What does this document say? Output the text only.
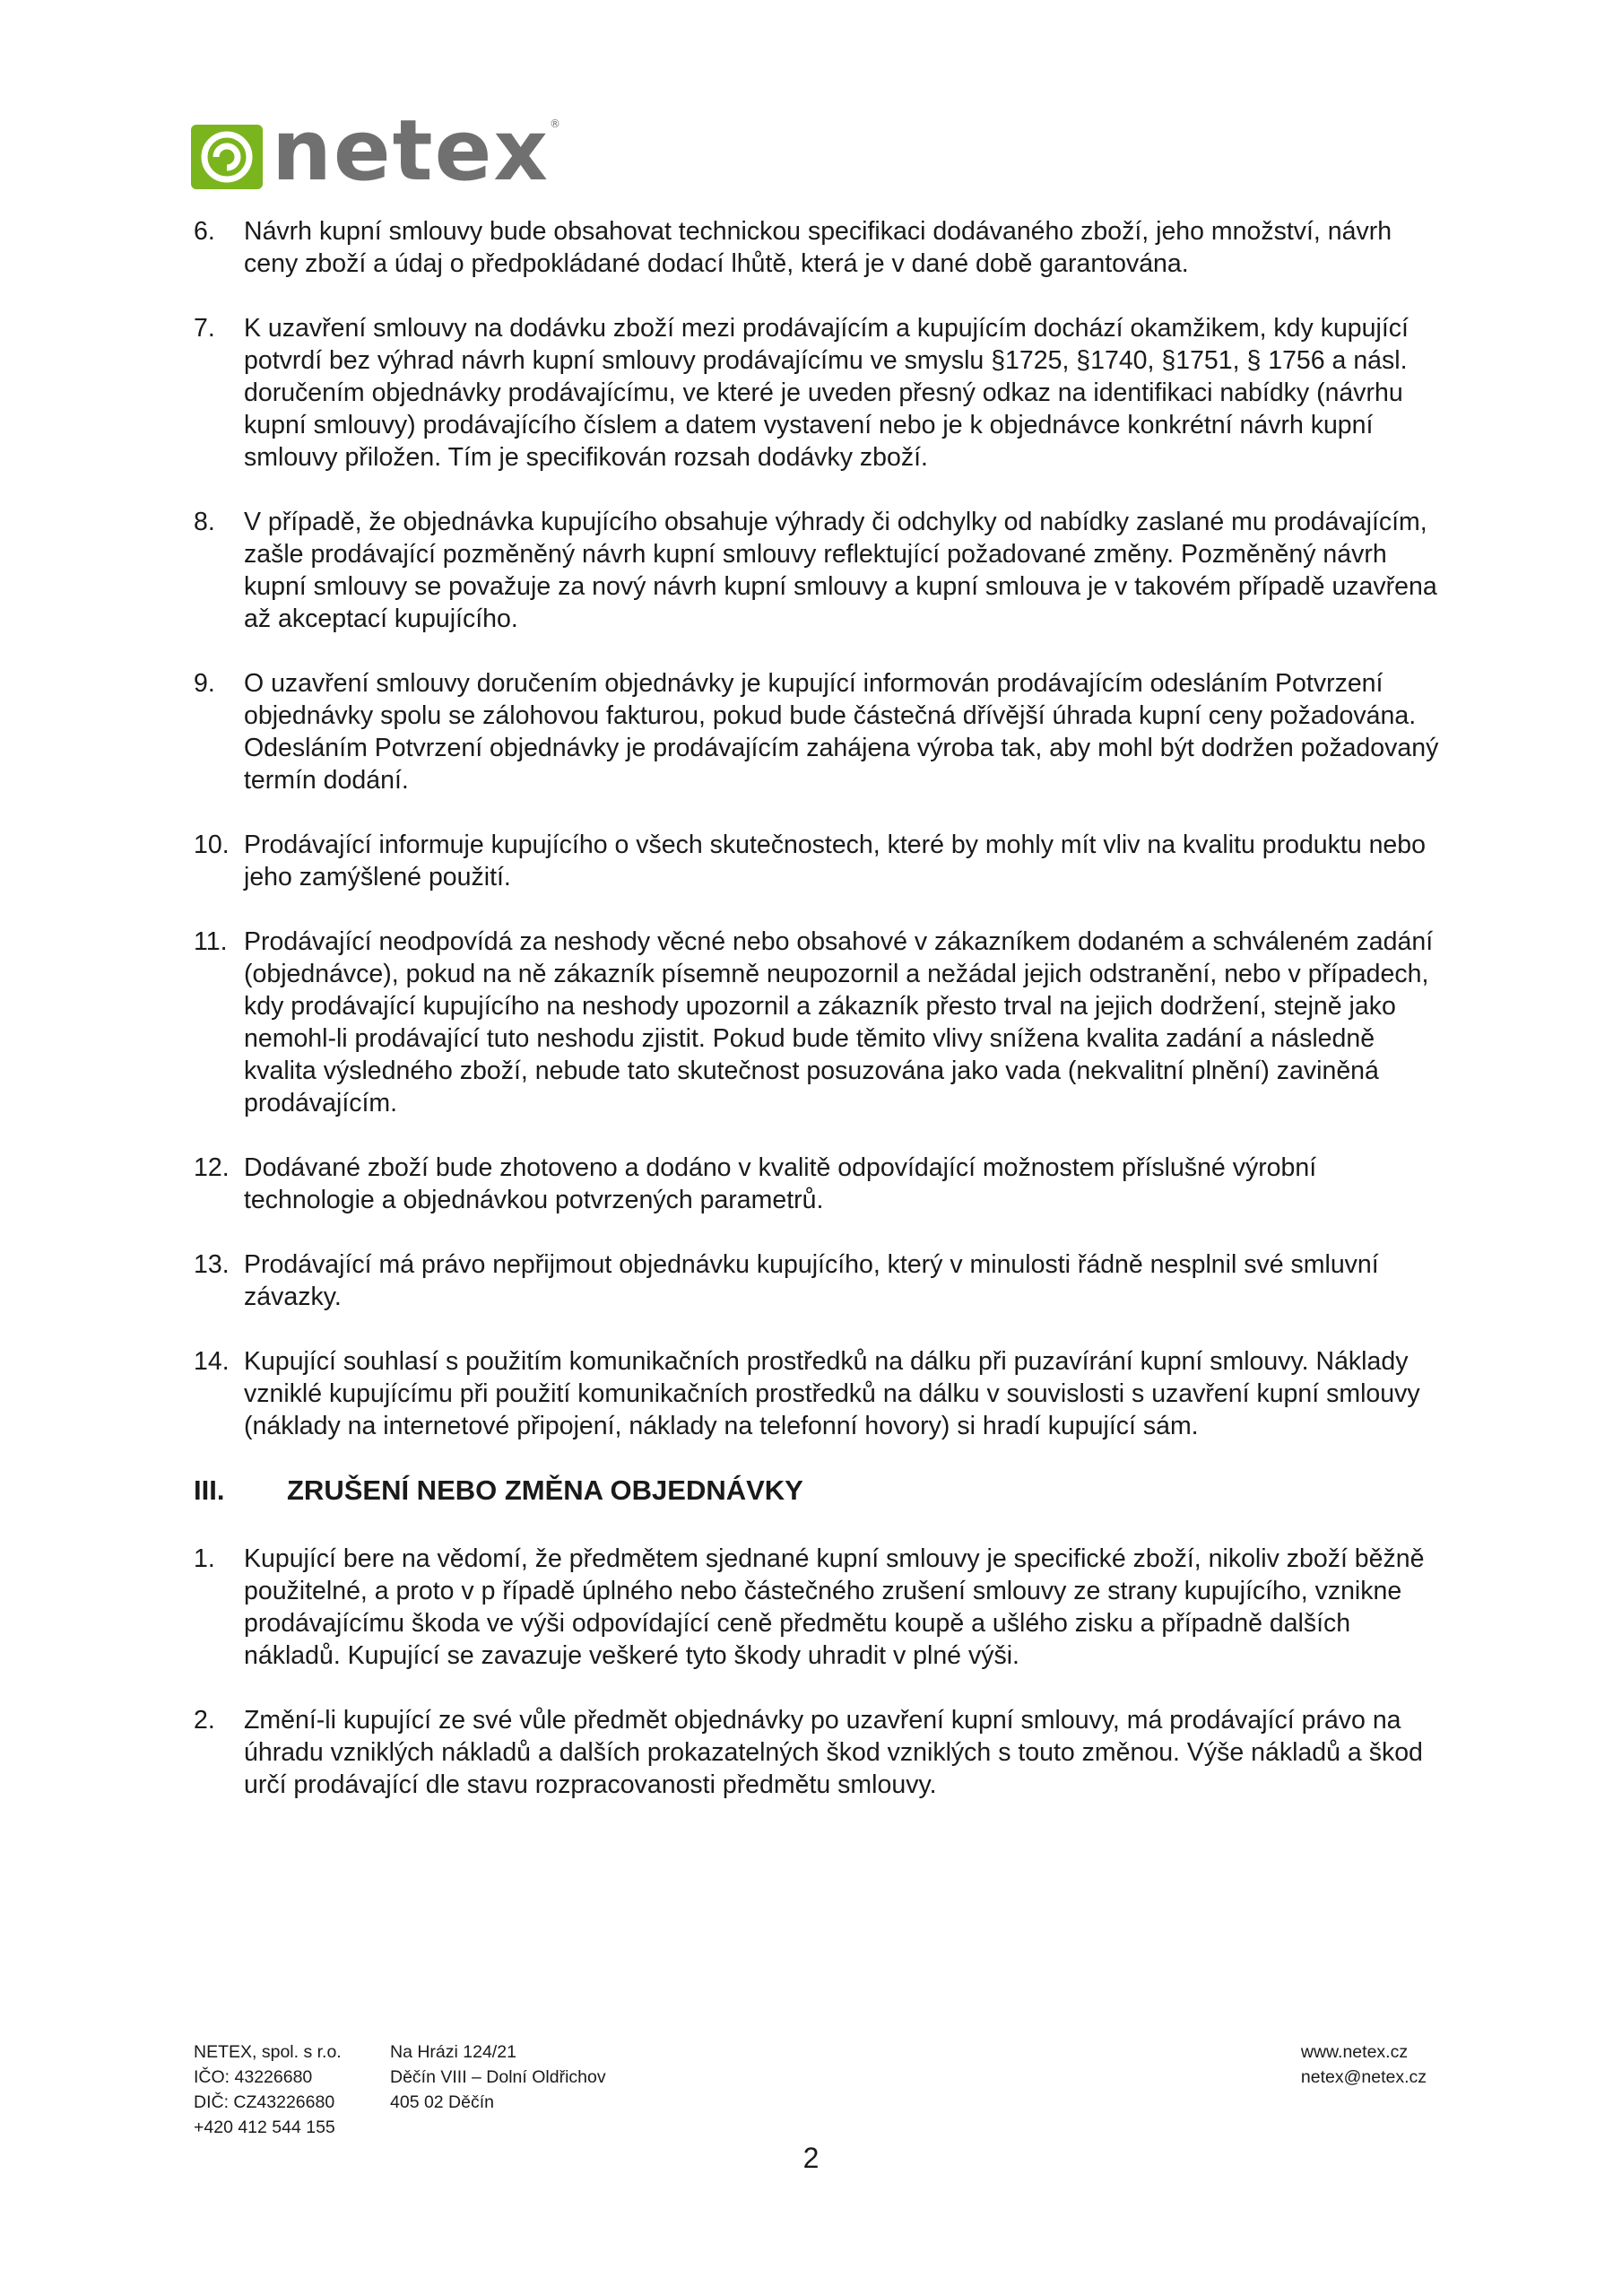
netex®
6.	Návrh kupní smlouvy bude obsahovat technickou specifikaci dodávaného zboží, jeho množství, návrh ceny zboží a údaj o předpokládané dodací lhůtě, která je v dané době garantována.
7.	K uzavření smlouvy na dodávku zboží mezi prodávajícím a kupujícím dochází okamžikem, kdy kupující potvrdí bez výhrad návrh kupní smlouvy prodávajícímu ve smyslu §1725, §1740, §1751, § 1756 a násl. doručením objednávky prodávajícímu, ve které je uveden přesný odkaz na identifikaci nabídky (návrhu kupní smlouvy) prodávajícího číslem a datem vystavení nebo je k objednávce konkrétní návrh kupní smlouvy přiložen. Tím je specifikován rozsah dodávky zboží.
8.	V případě, že objednávka kupujícího obsahuje výhrady či odchylky od nabídky zaslané mu prodávajícím, zašle prodávající pozměněný návrh kupní smlouvy reflektující požadované změny. Pozměněný návrh kupní smlouvy se považuje za nový návrh kupní smlouvy a kupní smlouva je v takovém případě uzavřena až akceptací kupujícího.
9.	O uzavření smlouvy doručením objednávky je kupující informován prodávajícím odesláním Potvrzení objednávky spolu se zálohovou fakturou, pokud bude částečná dřívější úhrada kupní ceny požadována. Odesláním Potvrzení objednávky je prodávajícím zahájena výroba tak, aby mohl být dodržen požadovaný termín dodání.
10. Prodávající informuje kupujícího o všech skutečnostech, které by mohly mít vliv na kvalitu produktu nebo jeho zamýšlené použití.
11. Prodávající neodpovídá za neshody věcné nebo obsahové v zákazníkem dodaném a schváleném zadání (objednávce), pokud na ně zákazník písemně neupozornil a nežádal jejich odstranění, nebo v případech, kdy prodávající kupujícího na neshody upozornil a zákazník přesto trval na jejich dodržení, stejně jako nemohl-li prodávající tuto neshodu zjistit. Pokud bude těmito vlivy snížena kvalita zadání a následně kvalita výsledného zboží, nebude tato skutečnost posuzována jako vada (nekvalitní plnění) zaviněná prodávajícím.
12. Dodávané zboží bude zhotoveno a dodáno v kvalitě odpovídající možnostem příslušné výrobní technologie a objednávkou potvrzených parametrů.
13. Prodávající má právo nepřijmout objednávku kupujícího, který v minulosti řádně nesplnil své smluvní závazky.
14. Kupující souhlasí s použitím komunikačních prostředků na dálku při puzavírání kupní smlouvy. Náklady vzniklé kupujícímu při použití komunikačních prostředků na dálku v souvislosti s uzavření kupní smlouvy (náklady na internetové připojení, náklady na telefonní hovory) si hradí kupující sám.
III.	ZRUŠENÍ NEBO ZMĚNA OBJEDNÁVKY
1.	Kupující bere na vědomí, že předmětem sjednané kupní smlouvy je specifické zboží, nikoliv zboží běžně použitelné, a proto v p řípadě úplného nebo částečného zrušení smlouvy ze strany kupujícího, vznikne prodávajícímu škoda ve výši odpovídající ceně předmětu koupě a ušlého zisku a případně dalších nákladů. Kupující se zavazuje veškeré tyto škody uhradit v plné výši.
2.	Změní-li kupující ze své vůle předmět objednávky po uzavření kupní smlouvy, má prodávající právo na úhradu vzniklých nákladů a dalších prokazatelných škod vzniklých s touto změnou. Výše nákladů a škod určí prodávající dle stavu rozpracovanosti předmětu smlouvy.
NETEX, spol. s r.o.
IČO: 43226680
DIČ: CZ43226680
+420 412 544 155
Na Hrázi 124/21
Děčín VIII – Dolní Oldřichov
405 02 Děčín
www.netex.cz
netex@netex.cz
2
